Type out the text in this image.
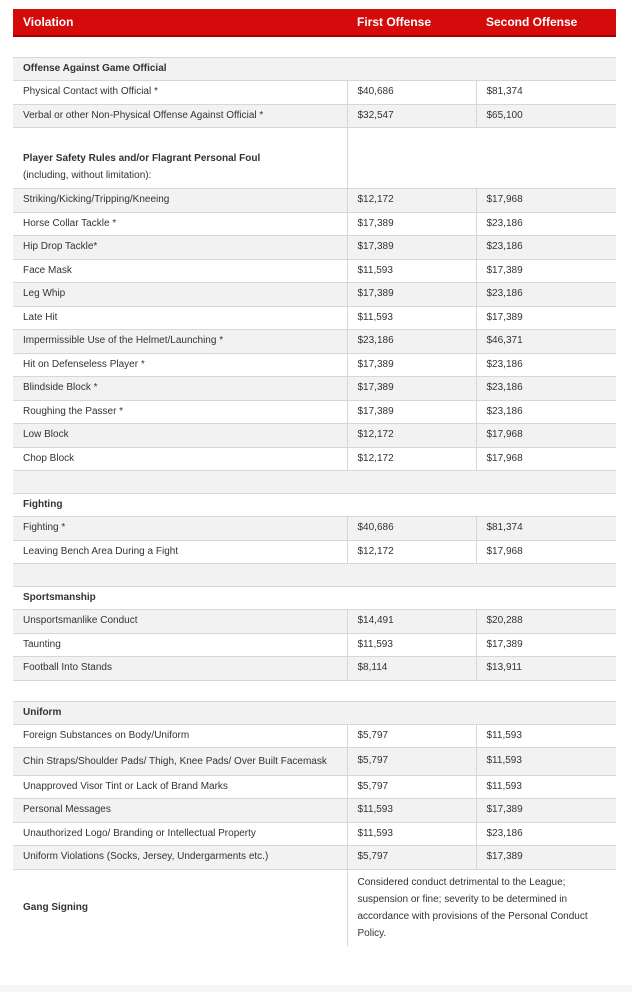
Violation	First Offense	Second Offense

Offense Against Game Official		
Physical Contact with Official *	$40,686	$81,374
Verbal or other Non-Physical Offense Against Official *	$32,547	$65,100
Player Safety Rules and/or Flagrant Personal Foul
(including, without limitation):		

Striking/Kicking/Tripping/Kneeing	$12,172	$17,968
Horse Collar Tackle *	$17,389	$23,186
Hip Drop Tackle*	$17,389	$23,186
Face Mask	$11,593	$17,389
Leg Whip	$17,389	$23,186
Late Hit	$11,593	$17,389
Impermissible Use of the Helmet/Launching *	$23,186	$46,371
Hit on Defenseless Player *	$17,389	$23,186
Blindside Block *	$17,389	$23,186
Roughing the Passer *	$17,389	$23,186
Low Block	$12,172	$17,968
Chop Block	$12,172	$17,968

Fighting		
Fighting *	$40,686	$81,374
Leaving Bench Area During a Fight	$12,172	$17,968

Sportsmanship		
Unsportsmanlike Conduct	$14,491	$20,288
Taunting	$11,593	$17,389
Football Into Stands	$8,114	$13,911

Uniform		
Foreign Substances on Body/Uniform	$5,797	$11,593
Chin Straps/Shoulder Pads/ Thigh, Knee Pads/ Over Built Facemask	$5,797	$11,593
Unapproved Visor Tint or Lack of Brand Marks	$5,797	$11,593
Personal Messages	$11,593	$17,389
Unauthorized Logo/ Branding or Intellectual Property	$11,593	$23,186
Uniform Violations (Socks, Jersey, Undergarments etc.)	$5,797	$17,389
Gang Signing	Considered conduct detrimental to the League; suspension or fine; severity to be determined in accordance with provisions of the Personal Conduct Policy.	
